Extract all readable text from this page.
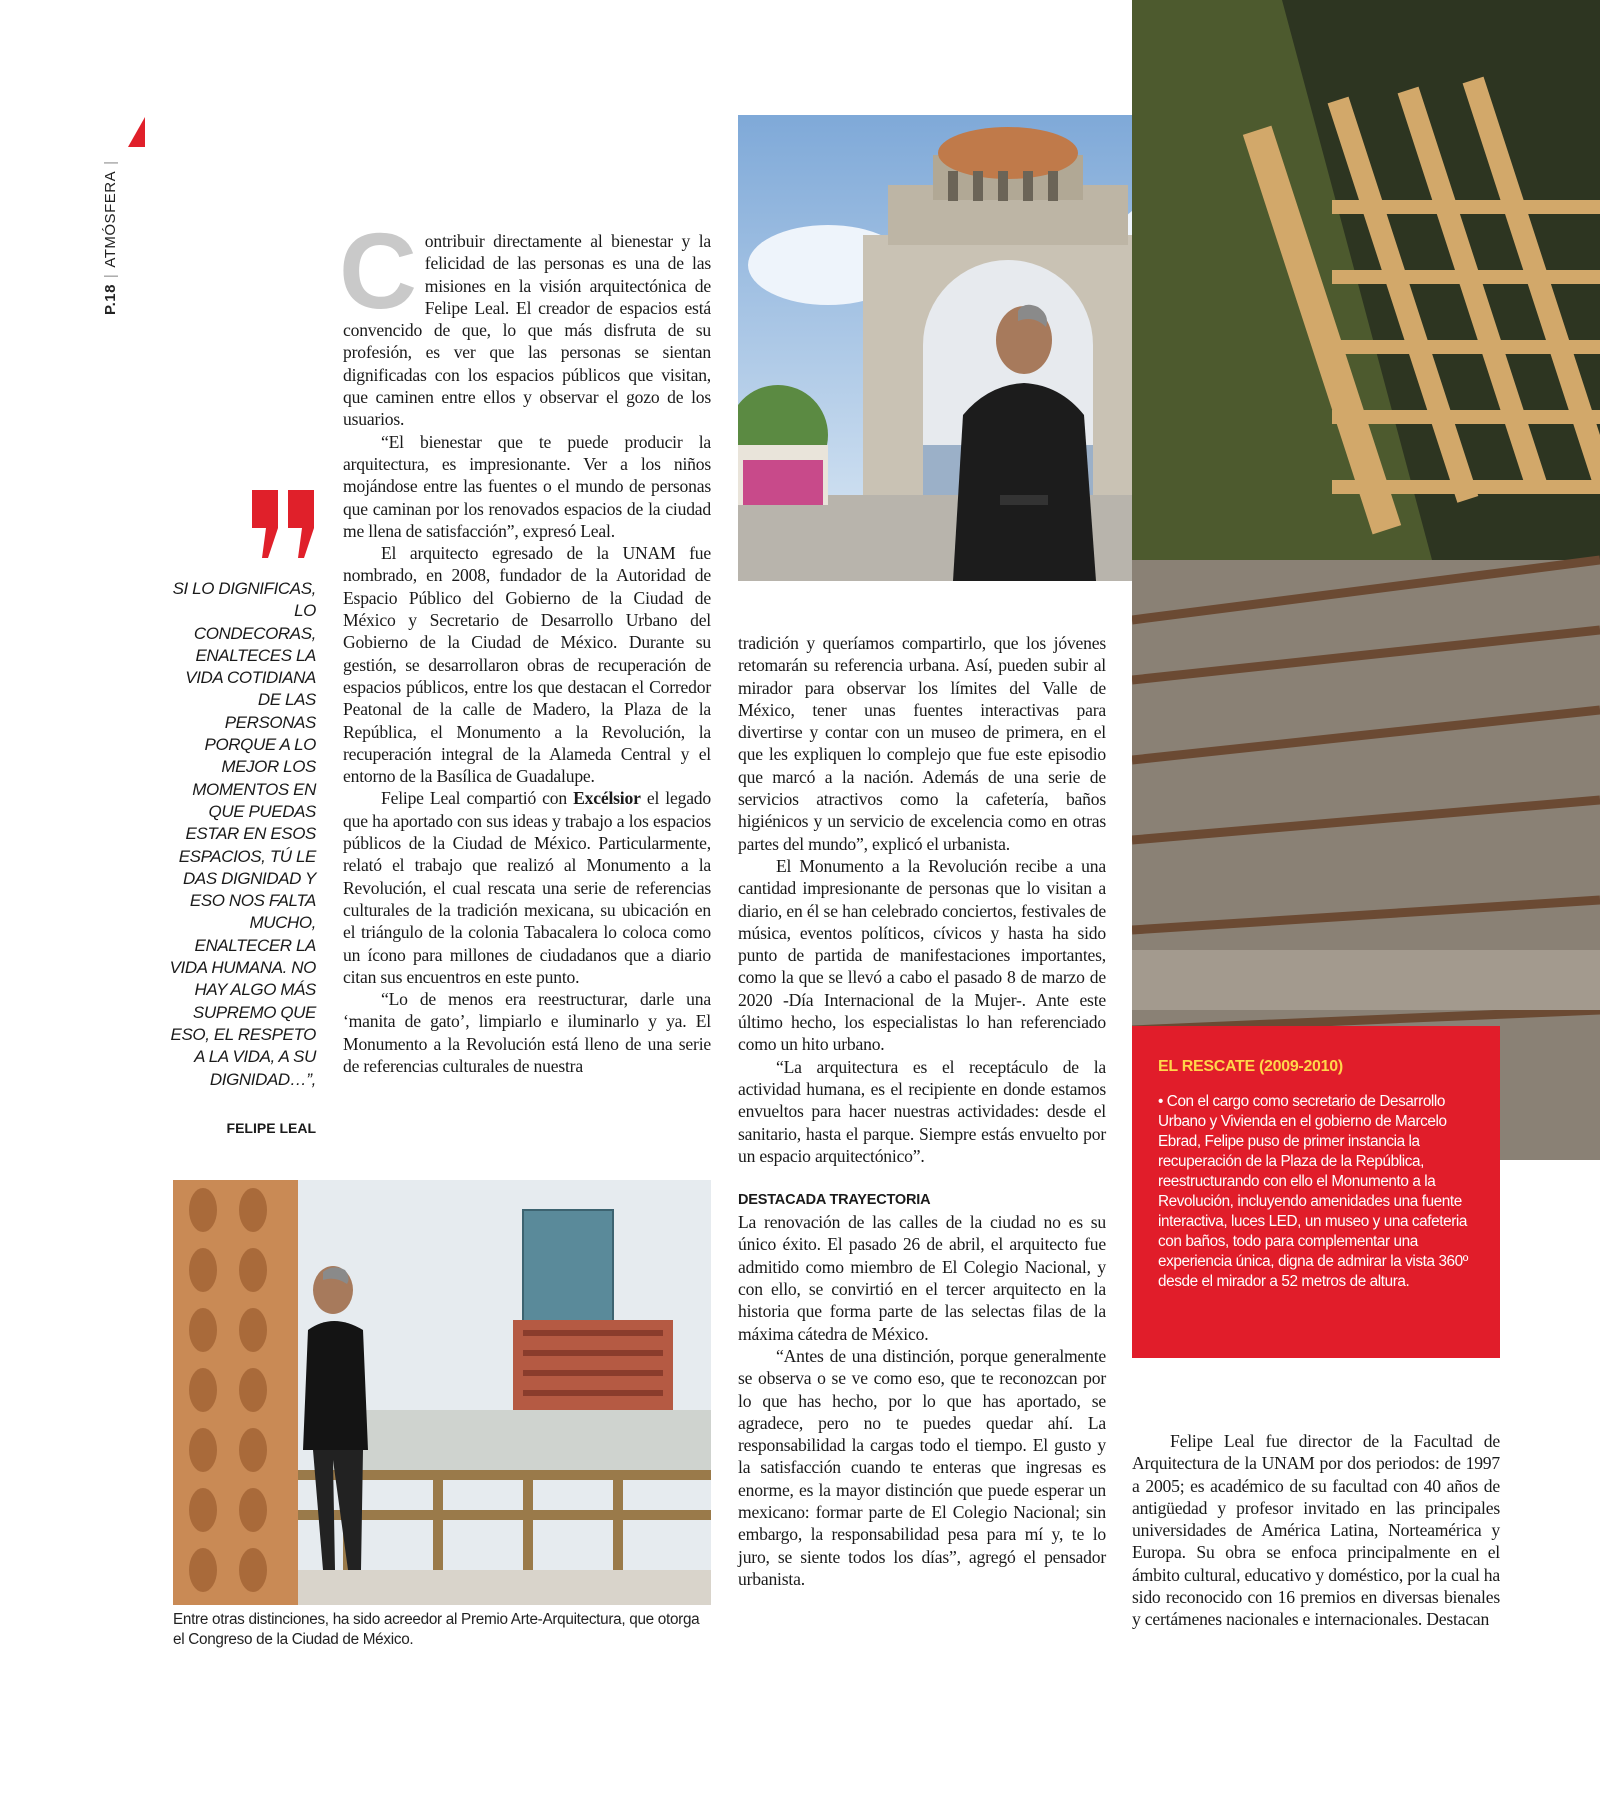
P.18|ATMÓSFERA|

Contribuir directamente al bienestar y la felicidad de las personas es una de las misiones en la visión arquitectónica de Felipe Leal. El creador de espacios está convencido de que, lo que más disfruta de su profesión, es ver que las personas se sientan dignificadas con los espacios públicos que visitan, que caminen entre ellos y observar el gozo de los usuarios.

“El bienestar que te puede producir la arquitectura, es impresionante. Ver a los niños mojándose entre las fuentes o el mundo de personas que caminan por los renovados espacios de la ciudad me llena de satisfacción”, expresó Leal.

El arquitecto egresado de la UNAM fue nombrado, en 2008, fundador de la Autoridad de Espacio Público del Gobierno de la Ciudad de México y Secretario de Desarrollo Urbano del Gobierno de la Ciudad de México. Durante su gestión, se desarrollaron obras de recuperación de espacios públicos, entre los que destacan el Corredor Peatonal de la calle de Madero, la Plaza de la República, el Monumento a la Revolución, la recuperación integral de la Alameda Central y el entorno de la Basílica de Guadalupe.

Felipe Leal compartió con Excélsior el legado que ha aportado con sus ideas y trabajo a los espacios públicos de la Ciudad de México. Particularmente, relató el trabajo que realizó al Monumento a la Revolución, el cual rescata una serie de referencias culturales de la tradición mexicana, su ubicación en el triángulo de la colonia Tabacalera lo coloca como un ícono para millones de ciudadanos que a diario citan sus encuentros en este punto.

“Lo de menos era reestructurar, darle una ‘manita de gato’, limpiarlo e iluminarlo y ya. El Monumento a la Revolución está lleno de una serie de referencias culturales de nuestra

SI LO DIGNIFICAS, LO CONDECORAS, ENALTECES LA VIDA COTIDIANA DE LAS PERSONAS PORQUE A LO MEJOR LOS MOMENTOS EN QUE PUEDAS ESTAR EN ESOS ESPACIOS, TÚ LE DAS DIGNIDAD Y ESO NOS FALTA MUCHO, ENALTECER LA VIDA HUMANA. NO HAY ALGO MÁS SUPREMO QUE ESO, EL RESPETO A LA VIDA, A SU DIGNIDAD…”,
FELIPE LEAL
Entre otras distinciones, ha sido acreedor al Premio Arte-Arquitectura, que otorga el Congreso de la Ciudad de México.

tradición y queríamos compartirlo, que los jóvenes retomarán su referencia urbana. Así, pueden subir al mirador para observar los límites del Valle de México, tener unas fuentes interactivas para divertirse y contar con un museo de primera, en el que les expliquen lo complejo que fue este episodio que marcó a la nación. Además de una serie de servicios atractivos como la cafetería, baños higiénicos y un servicio de excelencia como en otras partes del mundo”, explicó el urbanista.

El Monumento a la Revolución recibe a una cantidad impresionante de personas que lo visitan a diario, en él se han celebrado conciertos, festivales de música, eventos políticos, cívicos y hasta ha sido punto de partida de manifestaciones importantes, como la que se llevó a cabo el pasado 8 de marzo de 2020 -Día Internacional de la Mujer-. Ante este último hecho, los especialistas lo han referenciado como un hito urbano.

“La arquitectura es el receptáculo de la actividad humana, es el recipiente en donde estamos envueltos para hacer nuestras actividades: desde el sanitario, hasta el parque. Siempre estás envuelto por un espacio arquitectónico”.

DESTACADA TRAYECTORIA

La renovación de las calles de la ciudad no es su único éxito. El pasado 26 de abril, el arquitecto fue admitido como miembro de El Colegio Nacional, y con ello, se convirtió en el tercer arquitecto en la historia que forma parte de las selectas filas de la máxima cátedra de México.

“Antes de una distinción, porque generalmente se observa o se ve como eso, que te reconozcan por lo que has hecho, por lo que has aportado, se agradece, pero no te puedes quedar ahí. La responsabilidad la cargas todo el tiempo. El gusto y la satisfacción cuando te enteras que ingresas es enorme, es la mayor distinción que puede esperar un mexicano: formar parte de El Colegio Nacional; sin embargo, la responsabilidad pesa para mí y, te lo juro, se siente todos los días”, agregó el pensador urbanista.

EL RESCATE (2009-2010)
• Con el cargo como secretario de Desarrollo Urbano y Vivienda en el gobierno de Marcelo Ebrad, Felipe puso de primer instancia la recuperación de la Plaza de la República, reestructurando con ello el Monumento a la Revolución, incluyendo amenidades una fuente interactiva, luces LED, un museo y una cafeteria con baños, todo para complementar una experiencia única, digna de admirar la vista 360º desde el mirador a 52 metros de altura.

Felipe Leal fue director de la Facultad de Arquitectura de la UNAM por dos periodos: de 1997 a 2005; es académico de su facultad con 40 años de antigüedad y profesor invitado en las principales universidades de América Latina, Norteamérica y Europa. Su obra se enfoca principalmente en el ámbito cultural, educativo y doméstico, por la cual ha sido reconocido con 16 premios en diversas bienales y certámenes nacionales e internacionales. Destacan
